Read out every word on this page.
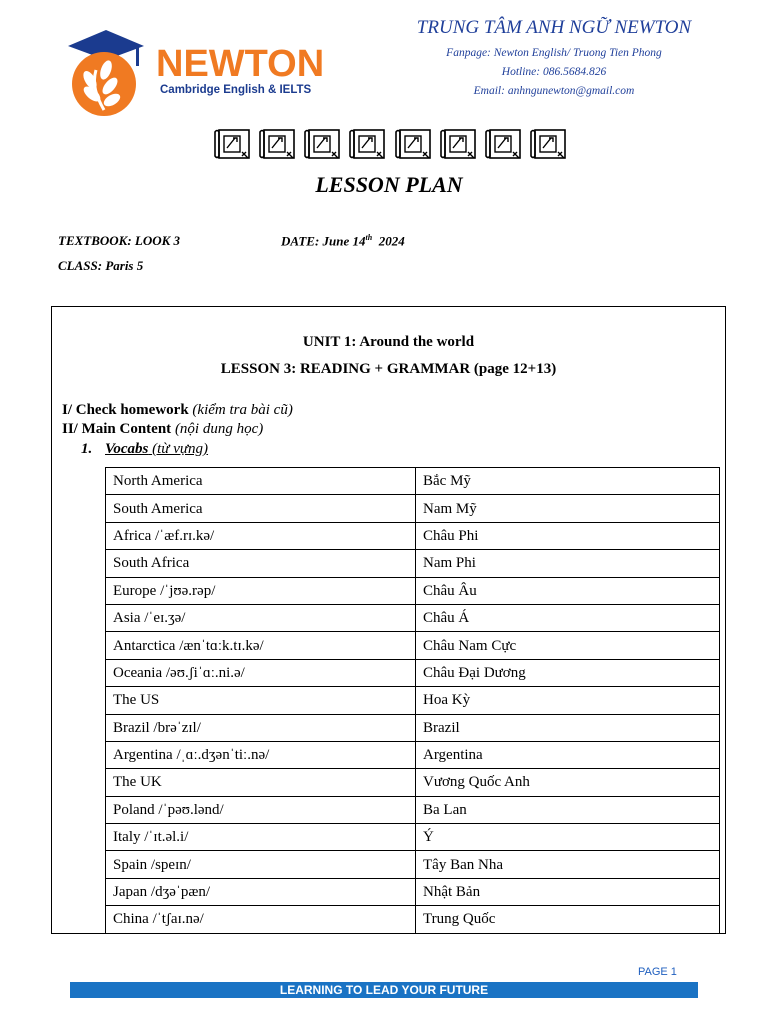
NEWTON
Cambridge English & IELTS
TRUNG TÂM ANH NGỮ NEWTON
Fanpage: Newton English/ Truong Tien Phong
Hotline: 086.5684.826
Email: anhngunewton@gmail.com
LESSON PLAN
TEXTBOOK: LOOK 3	DATE: June 14th 2024
CLASS: Paris 5
UNIT 1: Around the world
LESSON 3: READING + GRAMMAR (page 12+13)
I/ Check homework (kiểm tra bài cũ)
II/ Main Content (nội dung học)
1. Vocabs (từ vựng)
North America	Bắc Mỹ
South America	Nam Mỹ
Africa /ˈæf.rɪ.kə/	Châu Phi
South Africa	Nam Phi
Europe /ˈjʊə.rəp/	Châu Âu
Asia /ˈeɪ.ʒə/	Châu Á
Antarctica /ænˈtɑːk.tɪ.kə/	Châu Nam Cực
Oceania /əʊ.ʃiˈɑː.ni.ə/	Châu Đại Dương
The US	Hoa Kỳ
Brazil /brəˈzɪl/	Brazil
Argentina /ˌɑː.dʒənˈtiː.nə/	Argentina
The UK	Vương Quốc Anh
Poland /ˈpəʊ.lənd/	Ba Lan
Italy /ˈɪt.əl.i/	Ý
Spain /speɪn/	Tây Ban Nha
Japan /dʒəˈpæn/	Nhật Bản
China /ˈtʃaɪ.nə/	Trung Quốc
PAGE 1
LEARNING TO LEAD YOUR FUTURE
